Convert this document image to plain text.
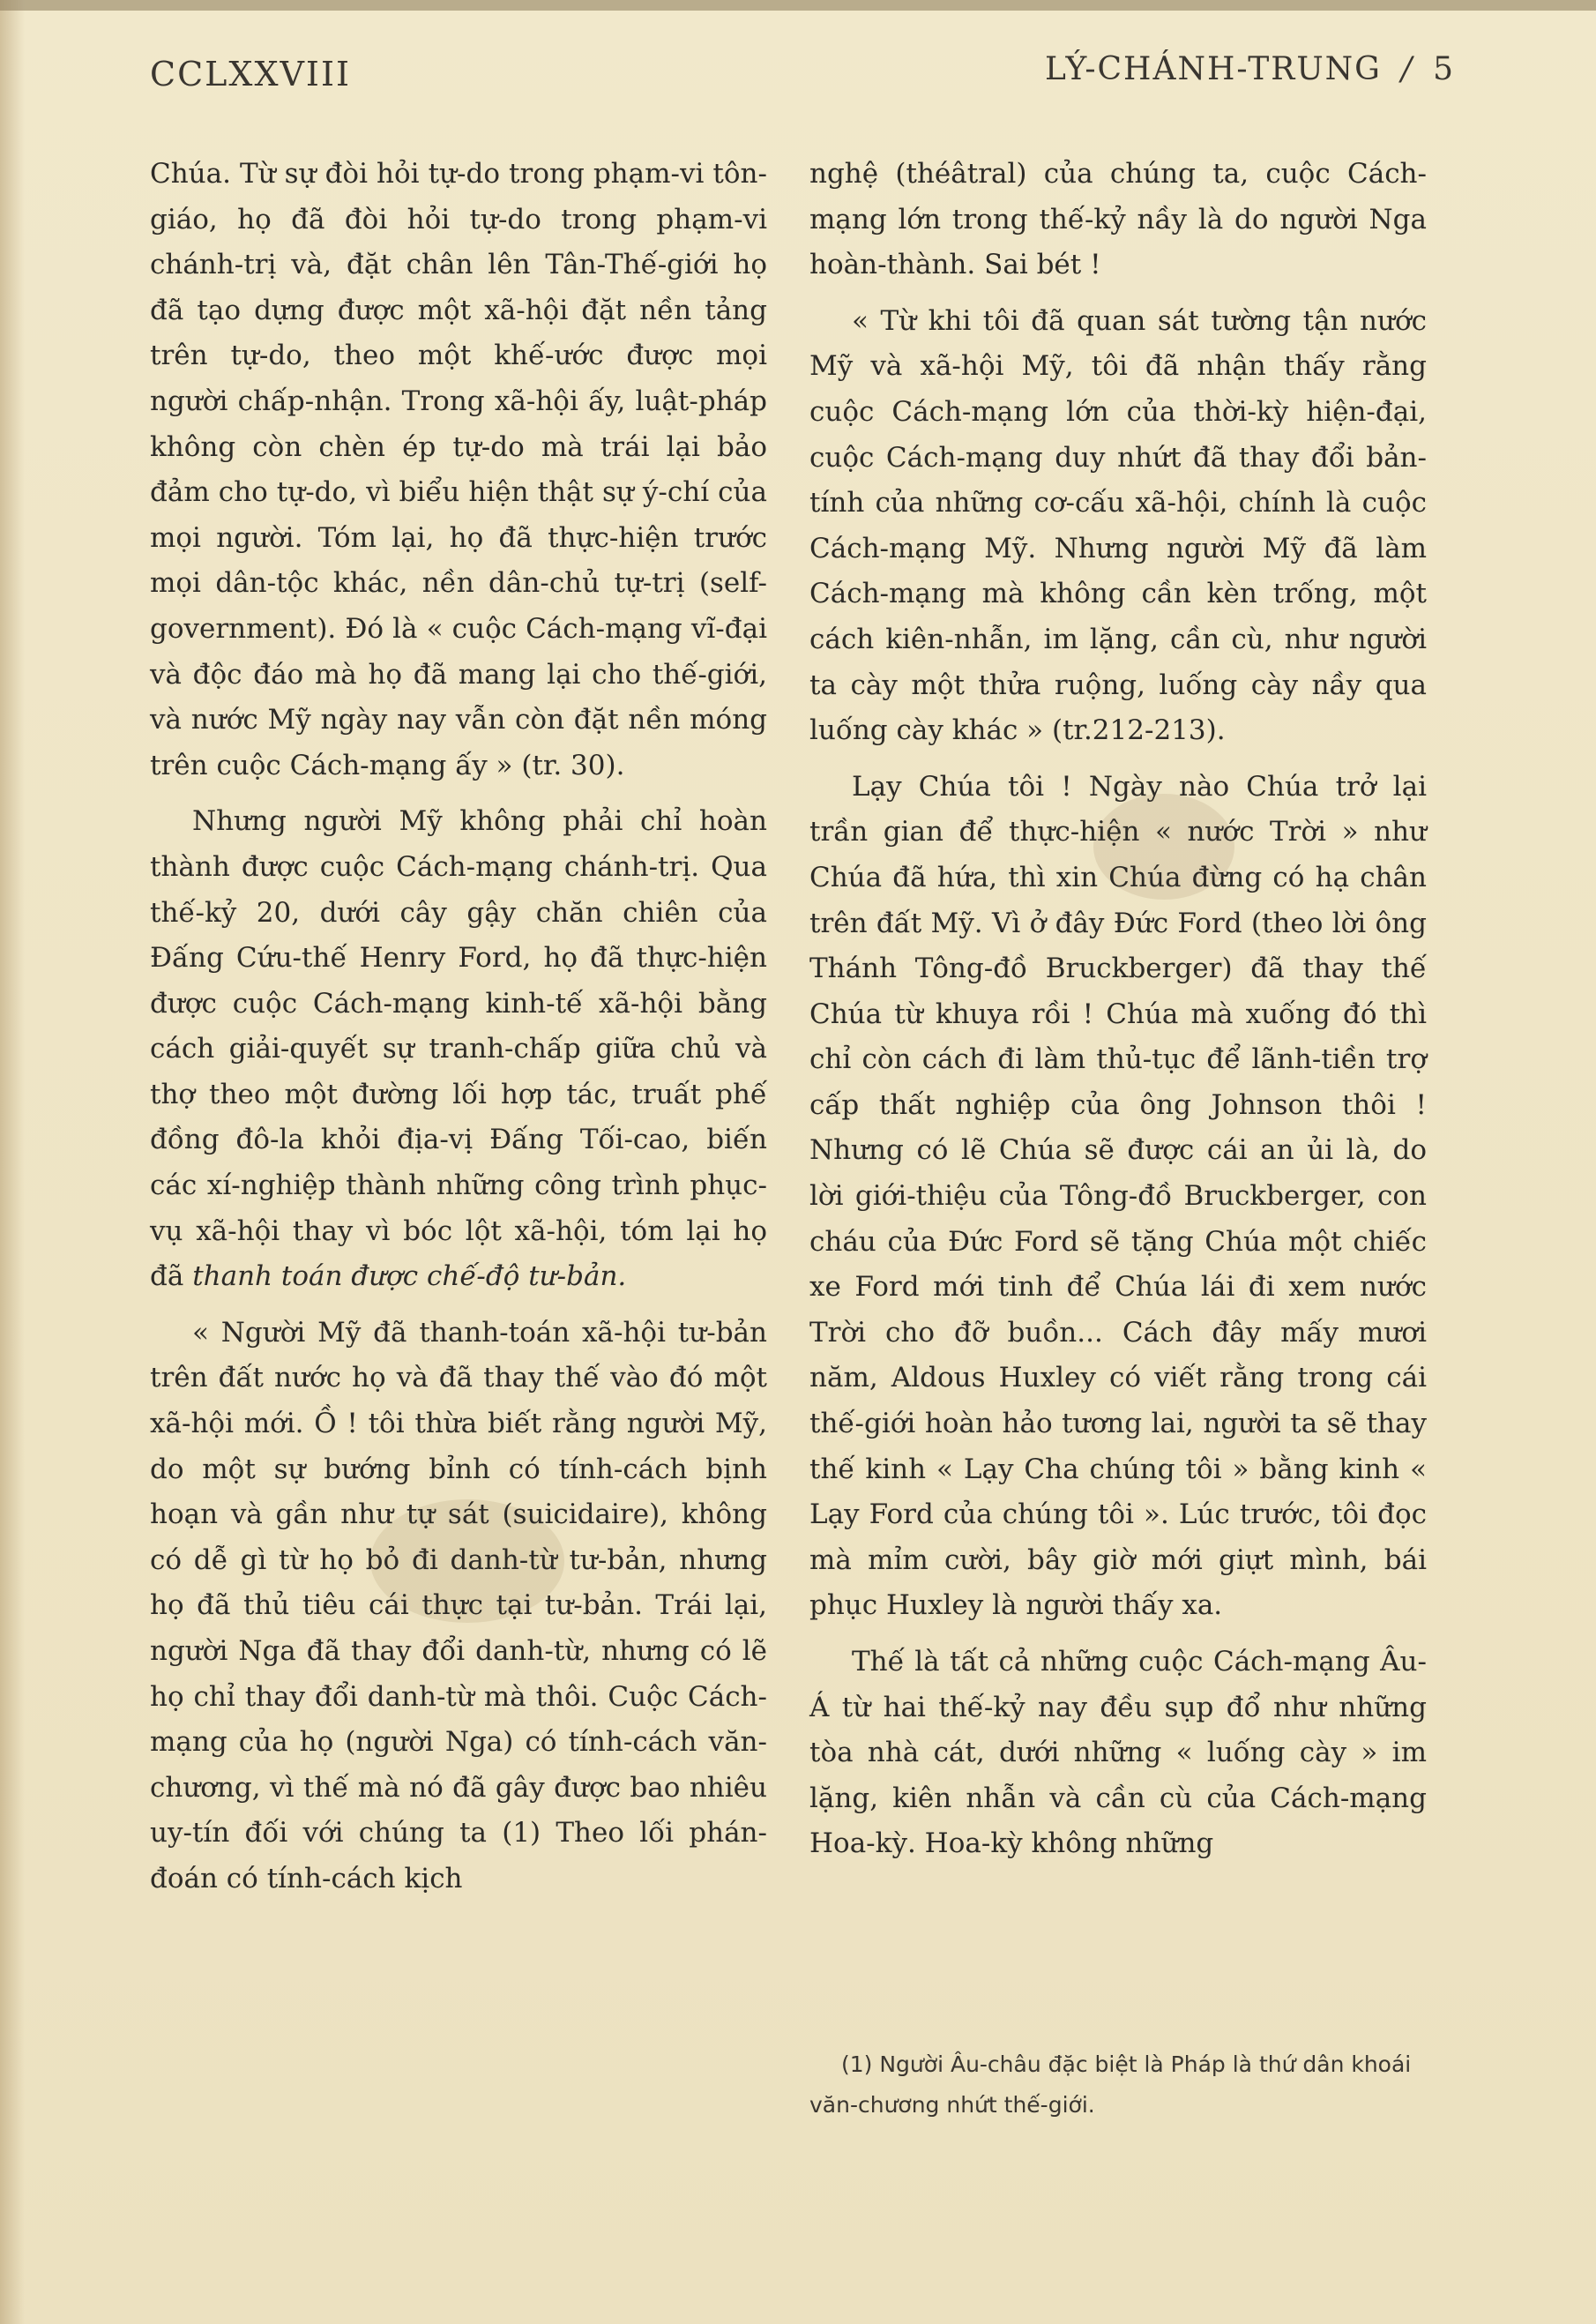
CCLXXVIII	LÝ-CHÁNH-TRUNG / 5

Chúa. Từ sự đòi hỏi tự-do trong phạm-vi tôn-giáo, họ đã đòi hỏi tự-do trong phạm-vi chánh-trị và, đặt chân lên Tân-Thế-giới họ đã tạo dựng được một xã-hội đặt nền tảng trên tự-do, theo một khế-ước được mọi người chấp-nhận. Trong xã-hội ấy, luật-pháp không còn chèn ép tự-do mà trái lại bảo đảm cho tự-do, vì biểu hiện thật sự ý-chí của mọi người. Tóm lại, họ đã thực-hiện trước mọi dân-tộc khác, nền dân-chủ tự-trị (self-government). Đó là « cuộc Cách-mạng vĩ-đại và độc đáo mà họ đã mang lại cho thế-giới, và nước Mỹ ngày nay vẫn còn đặt nền móng trên cuộc Cách-mạng ấy » (tr. 30).

Nhưng người Mỹ không phải chỉ hoàn thành được cuộc Cách-mạng chánh-trị. Qua thế-kỷ 20, dưới cây gậy chăn chiên của Đấng Cứu-thế Henry Ford, họ đã thực-hiện được cuộc Cách-mạng kinh-tế xã-hội bằng cách giải-quyết sự tranh-chấp giữa chủ và thợ theo một đường lối hợp tác, truất phế đồng đô-la khỏi địa-vị Đấng Tối-cao, biến các xí-nghiệp thành những công trình phục-vụ xã-hội thay vì bóc lột xã-hội, tóm lại họ đã thanh toán được chế-độ tư-bản.

« Người Mỹ đã thanh-toán xã-hội tư-bản trên đất nước họ và đã thay thế vào đó một xã-hội mới. Ồ ! tôi thừa biết rằng người Mỹ, do một sự bướng bỉnh có tính-cách bịnh hoạn và gần như tự sát (suicidaire), không có dễ gì từ họ bỏ đi danh-từ tư-bản, nhưng họ đã thủ tiêu cái thực tại tư-bản. Trái lại, người Nga đã thay đổi danh-từ, nhưng có lẽ họ chỉ thay đổi danh-từ mà thôi. Cuộc Cách-mạng của họ (người Nga) có tính-cách văn-chương, vì thế mà nó đã gây được bao nhiêu uy-tín đối với chúng ta (1) Theo lối phán-đoán có tính-cách kịch

nghệ (théâtral) của chúng ta, cuộc Cách-mạng lớn trong thế-kỷ nầy là do người Nga hoàn-thành. Sai bét !

« Từ khi tôi đã quan sát tường tận nước Mỹ và xã-hội Mỹ, tôi đã nhận thấy rằng cuộc Cách-mạng lớn của thời-kỳ hiện-đại, cuộc Cách-mạng duy nhứt đã thay đổi bản-tính của những cơ-cấu xã-hội, chính là cuộc Cách-mạng Mỹ. Nhưng người Mỹ đã làm Cách-mạng mà không cần kèn trống, một cách kiên-nhẫn, im lặng, cần cù, như người ta cày một thửa ruộng, luống cày nầy qua luống cày khác » (tr.212-213).

Lạy Chúa tôi ! Ngày nào Chúa trở lại trần gian để thực-hiện « nước Trời » như Chúa đã hứa, thì xin Chúa đừng có hạ chân trên đất Mỹ. Vì ở đây Đức Ford (theo lời ông Thánh Tông-đồ Bruckberger) đã thay thế Chúa từ khuya rồi ! Chúa mà xuống đó thì chỉ còn cách đi làm thủ-tục để lãnh-tiền trợ cấp thất nghiệp của ông Johnson thôi ! Nhưng có lẽ Chúa sẽ được cái an ủi là, do lời giới-thiệu của Tông-đồ Bruckberger, con cháu của Đức Ford sẽ tặng Chúa một chiếc xe Ford mới tinh để Chúa lái đi xem nước Trời cho đỡ buồn... Cách đây mấy mươi năm, Aldous Huxley có viết rằng trong cái thế-giới hoàn hảo tương lai, người ta sẽ thay thế kinh « Lạy Cha chúng tôi » bằng kinh « Lạy Ford của chúng tôi ». Lúc trước, tôi đọc mà mỉm cười, bây giờ mới giựt mình, bái phục Huxley là người thấy xa.

Thế là tất cả những cuộc Cách-mạng Âu-Á từ hai thế-kỷ nay đều sụp đổ như những tòa nhà cát, dưới những « luống cày » im lặng, kiên nhẫn và cần cù của Cách-mạng Hoa-kỳ. Hoa-kỳ không những

(1) Người Âu-châu đặc biệt là Pháp là thứ dân khoái văn-chương nhứt thế-giới.
